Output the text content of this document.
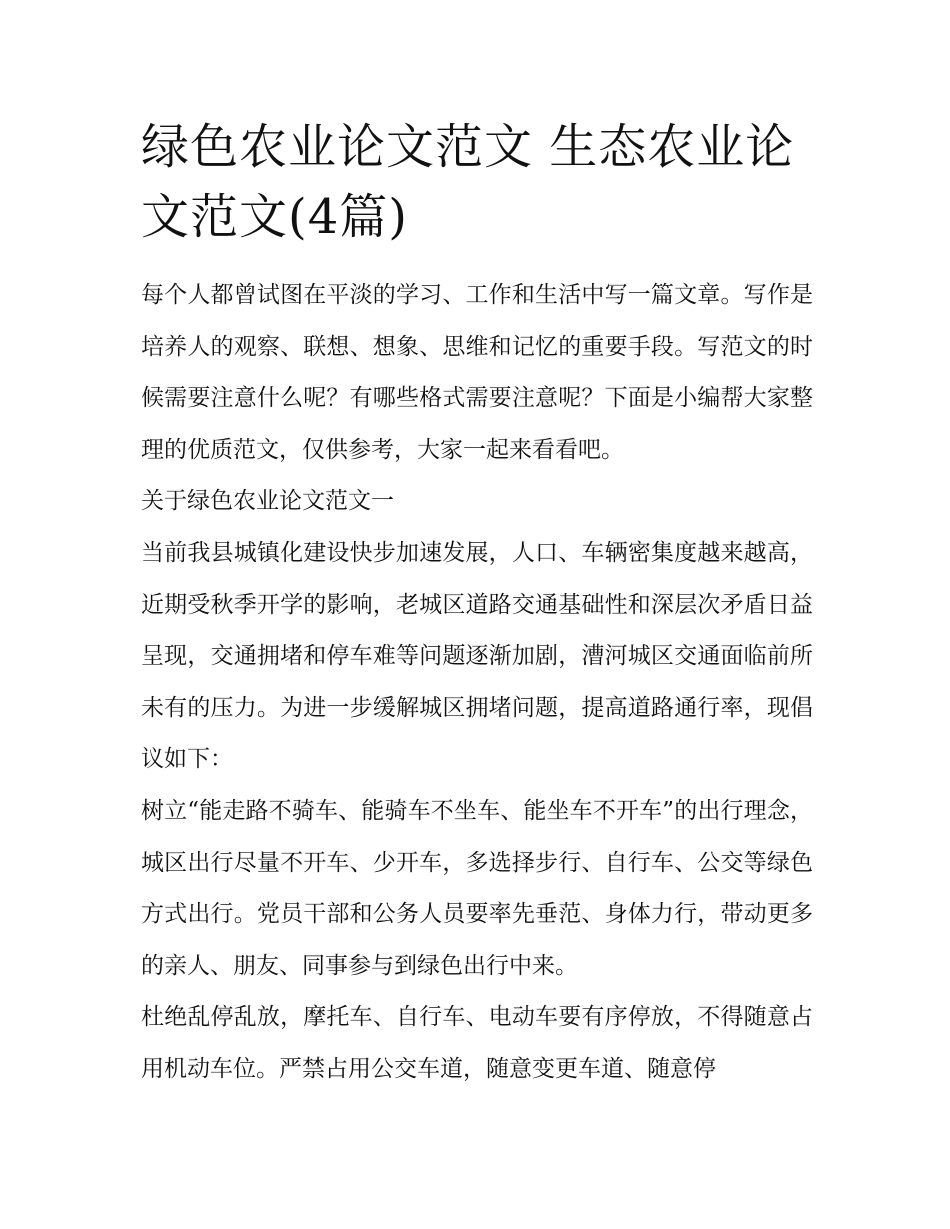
绿色农业论文范文 生态农业论文范文(4篇)

每个人都曾试图在平淡的学习、工作和生活中写一篇文章。写作是培养人的观察、联想、想象、思维和记忆的重要手段。写范文的时候需要注意什么呢？有哪些格式需要注意呢？下面是小编帮大家整理的优质范文，仅供参考，大家一起来看看吧。

关于绿色农业论文范文一

当前我县城镇化建设快步加速发展，人口、车辆密集度越来越高，近期受秋季开学的影响，老城区道路交通基础性和深层次矛盾日益呈现，交通拥堵和停车难等问题逐渐加剧，漕河城区交通面临前所未有的压力。为进一步缓解城区拥堵问题，提高道路通行率，现倡议如下：

树立“能走路不骑车、能骑车不坐车、能坐车不开车”的出行理念，城区出行尽量不开车、少开车，多选择步行、自行车、公交等绿色方式出行。党员干部和公务人员要率先垂范、身体力行，带动更多的亲人、朋友、同事参与到绿色出行中来。

杜绝乱停乱放，摩托车、自行车、电动车要有序停放，不得随意占用机动车位。严禁占用公交车道，随意变更车道、随意停
